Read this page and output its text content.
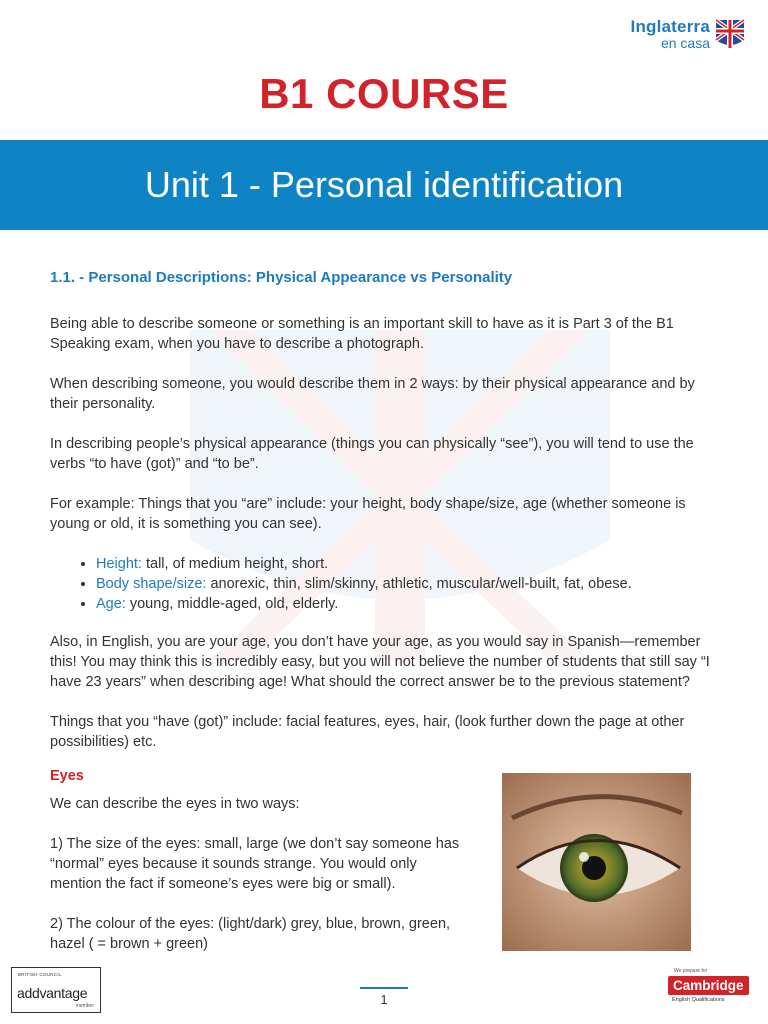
Inglaterra
en casa
B1 COURSE
Unit 1 - Personal identification
1.1. - Personal Descriptions: Physical Appearance vs Personality

Being able to describe someone or something is an important skill to have as it is Part 3 of the B1 Speaking exam, when you have to describe a photograph.

When describing someone, you would describe them in 2 ways: by their physical appearance and by their personality.

In describing people’s physical appearance (things you can physically “see”), you will tend to use the verbs “to have (got)” and “to be”.

For example: Things that you “are” include: your height, body shape/size, age (whether someone is young or old, it is something you can see).

• Height: tall, of medium height, short.
• Body shape/size: anorexic, thin, slim/skinny, athletic, muscular/well-built, fat, obese.
• Age: young, middle-aged, old, elderly.

Also, in English, you are your age, you don’t have your age, as you would say in Spanish—remember this! You may think this is incredibly easy, but you will not believe the number of students that still say “I have 23 years” when describing age! What should the correct answer be to the previous statement?

Things that you “have (got)” include: facial features, eyes, hair, (look further down the page at other possibilities) etc.

Eyes

We can describe the eyes in two ways:

1) The size of the eyes: small, large (we don’t say someone has “normal” eyes because it sounds strange. You would only mention the fact if someone’s eyes were big or small).

2) The colour of the eyes: (light/dark) grey, blue, brown, green, hazel ( = brown + green)

BRITISH COUNCIL
addvantage
member	1
We prepare for
Cambridge
English Qualifications
